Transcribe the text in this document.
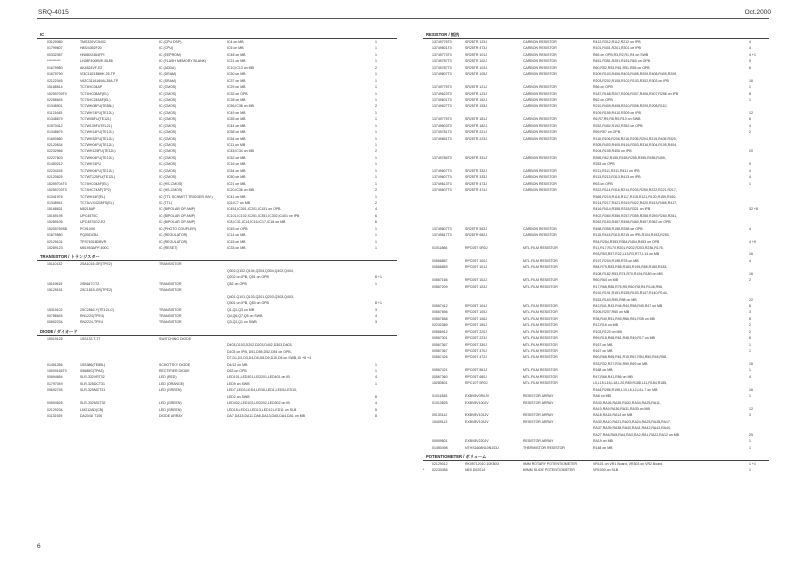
SRQ-4015	Oct.2000
IC
03129080	TMS320VC5402	IC (CPU DSP)	IC4 on MB	1
01799607	H8S/4392F20	IC (CPU)	IC5 on MB	1
00332357	HN58X2464FPI	IC (EEPROM)	IC48 on MB	1
**********	LH28F400BVE-BL85	IC (FLASH MEMORY BLANK)	IC21 on MB	1
01679980	AK4524VF-E2	IC (ADDA)	IC10,IC13 on MB	2
01679790	VI3C1621B8HK.25-TP	IC (DRAM)	IC30 on MB	1
02122045	V62C3116160AL35A-TP	IC (SRAM)	IC37 on MB	1
15168514	TC74HC04AP	IC (CMOS)	IC29 on MB	1
15259709T0	TC74HC08AF(EL)	IC (CMOS)	IC32 on OPB	1
02256645	TC74HC245AF(EL)	IC (CMOS)	IC28 on MB	1
01348901	TC7WH08FU(TE85L)	IC (CMOS)	IC56,IC38 on MB	2
01121645	TC7WH74FU(TE12L)	IC (CMOS)	IC49 on MB	1
01348679	TC7W08FU(TE12L)	IC (CMOS)	IC55 on MB	1
01570412	TC7W139FUTE12L)	IC (CMOS)	IC44 on MB	1
01348679	TC7WH14FU(TE12L)	IC (CMOS)	IC58 on MB	1
01690680	TC7WH32FU(TE12L)	IC (CMOS)	IC54 on MB	1
02120634	TC7WH04FU(TE12L)	IC (CMOS)	IC11 on MB	1
02232966	TC7WH125FU(TE12L)	IC (CMOS)	IC45,IC34 on MB	2
02227603	TC7WH04FU(TE12L)	IC (CMOS)	IC52 on MB	1
01450212	TC7WH74FU	IC (CMOS)	IC16 on MB	1
02234245	TC7WH04FU(TE12L)	IC (CMOS)	IC54 on MB	1
02120625	TC7WT125FU(TE12L)	IC (CMOS)	IC50 on MB	1
15259704T0	TC74HC04AF(EL)	IC (HS-CMOS)	IC21 on MB	1
15259703T0	TC74HC74AF(TP2)	IC (HS-CMOS)	IC20,IC36 on MB	2
01341976	TC7WH14F(EL)	IC (TTL SCHMITT TRIGGER INV.)	IC41 on MB	1
01348941	TC74LVX4245FS(EL)	IC (TTL)	IC6,IC7 on MB	2
15168631	M5218AP	IC (BIPOLAR OP AMP)	IC451,IC301,IC201,IC151 on OPB	4
15169195	UPC4570C	IC (BIPOLAR OP AMP)	IC101,IC102,IC251,IC351,IC302,IC401 on IPB	6
15289105	UPC4570G2-E2	IC (BIPOLAR OP AMP)	IC8,IC31,IC14,IC16,IC17,IC18 on MB	6
15209769S8	PC910XK	IC (PHOTO COUPLER)	IC53 on OPB	1
01679580	PQ05DZ5U	IC (REGULATOR)	IC14 on MB	1
02129101	TPS76318DBVR	IC (REGULATOR)	IC15 on MB	1
15289123	M51953AFP-600C	IC (RESET)	IC33 on MB	1
TRANSISTOR / トランジスター
15110132	2SA1015-GR(TPE2)	TRANSISTOR
Q302,Q102,Q104,Q204,Q304,Q402,Q404,
Q202 on IPB, Q51 on OPB	8 +1
15119615	2SB647CTZ	TRANSISTOR	Q52 on OPB	1
15129151	2SC1815-GR(TPE2)	TRANSISTOR
Q401,Q101,Q103,Q201,Q203,Q303,Q403,
Q301 on IPB, Q53 on OPB	8 +1
15319102	2SC2862-Y(TE12L,C)	TRANSISTOR	Q1,Q2,Q3 on MB	3
00786645	RN1224(TPE4)	TRANSISTOR	Q4,Q6,Q7,Q5 on SWB	4
00692234	RN2224-TPE4	TRANSISTOR	Q3,Q2,Q1 on SWB	3
DIODE / ダイオード
15019125	1SS133 T-77	SWITCHING DIODE
D403,D103,D202,D203,D402,D303,D403,
D103 on IPB, D51,D55,D52,D54 on OPB,
D7,D1,D2,D3,D4,D6,D8,D9,D10,D5 on SWB,10 +8 +4
01451256	1SS386(TE85L)	SCHOTTKY DIODE	D4/12 on MB	1
15009166T0	S5688G(TPA3)	RECTIFIER DIODE	D53 on OPB	1
00694654	SLR-332VRT32	LED (RED)	LED101,LED301,LED201,LED401 on IB	4
01797049	SLR-326DCT31	LED (ORANGE)	LED9 on SWB	1
00692745	SLR-325MCT31	LED (GREEN)	LED7,LED3,LED4,LED6,LED1,LED5,LED10,
LED2 on SWB	8
00694625	SLR-332MGT32	LED (GREEN)	LED402,LED102,LED202,LED302 on IB	4
02129234	LNG12AD(CB)	LED (GREEN)	LED18,LED11,LED13,LED12,LED11 on SLB	5
01131925	DA204U T106	DIODE ARRAY	DA7,DA15,DA11,DA6,DA13,DA5,DA4,DA1 on MB	8
RESISTOR / 抵抗
13749776T0	SR25TR 123J	CARBON RESISTOR	R412,R312,R112,R212 on IPB	4
13749601T0	SR25TR 473J	CARBON RESISTOR	R101,R401,R201,R301 on IPB	4
13749773T0	SR25TR 101J	CARBON RESISTOR	R65 on OPB,R3,R2,R1,R4 on SWB	4 +1
13749787T0	SR25TR 102J	CARBON RESISTOR	R451,R351,R251,R151,R60 on OPB	5
13749787T0	SR25TR 103J	CARBON RESISTOR	R60,R52,R53,R61,R51,R55 on OPB	6
13749807T0	SR25TR 105J	CARBON RESISTOR	R209,R103,R406,R403,R405,R209,R408,R409,R209,
R203,R202,R108,R102,R103,R302,R303 on IPB	16
13749775T0	SR25TR 121J	CARBON RESISTOR	R56 on OPB	1
13749623T0	SR25TR 123J	CARBON RESISTOR	R187,R168,R207,R206,R307,R406,R407,R256 on IPB	8
13749601T0	SR25TR 152J	CARBON RESISTOR	R62 on OPB	1
13749627T0	SR25TR 153J	CARBON RESISTOR	R210,R409,R408,R310,R308,R209,R208,R110,
R109,R159,R410,R309 on IPB	12
13749775T0	SR25TR 181J	CARBON RESISTOR	R6,R7,R9,R8,R5,R10 on SWB	6
13749603T0	SR25TR 182J	CARBON RESISTOR	R252,R452,R152,R352 on OPB	4
13749781T0	SR25TR 221J	CARBON RESISTOR	R59,R57 on OPB	2
13749651T0	SR25TR 223J	CARBON RESISTOR	R116,R106,R206,R216,R205,R204,R215,R405,R320,
R305,R403,R405,R416,R303,R316,R304,R105,R404,
R104,R105,R406 on IPB	20
13749786T0	SR25TR 331J	CARBON RESISTOR	R355,R62,R155,R158,R255,R355,R455,R455,
R253 on OPB	9
13749607T0	SR25TR 332J	CARBON RESISTOR	R211,R111,R311,R411 on IPB	4
13749607T0	SR25TR 333J	CARBON RESISTOR	R113,R213,R313,R413 on IPB	4
13749613T0	SR25TR 473J	CARBON RESISTOR	R63 on OPB	1
13749607T0	SR25TR 474J	CARBON RESISTOR	R322,R114,R316,R214,R203,R259,R222,R221,R217,
R365,R219,R116,R117,R118,R121,R120,R159,R160,
R214,R217,R421,R319,R422,R420,R413,R465,R417,
R416,R414,R358,R318,R321 on IPB	32 +8
R402,R360,R356,R257,R355,R258,R259,R260,R261,
R262,R163,R457,R458,R460,R457,R362 on OPB
13749807T0	SR25TR 563J	CARBON RESISTOR	R458,R358,R158,R258 on OPB	4
13749817T0	SR25TR 682J	CARBON RESISTOR	R115,R415,R315,R215 on IPB,R104,R153,R253,
R54,R254,R353,R354,R454,R453 on OPB	4 +9
01011866	RPC05T 0R0J	MTL.FILM RESISTOR	R11,R17,R170,R201,R202,R203,R236,R176,
R93,R53,R57,R22,L13,R3,R77,L14 on MB	16
00566857	RPC05T 100J	MTL.FILM RESISTOR	R197,R204,R198,R78 on MB	4
00566859	RPC05T 101J	MTL.FILM RESISTOR	R84,R79,R83,R58,R183,R195,R85,R180,R183,
R108,R182,R53,R74,R70,R194,R180 on MB	16
00567166	RPC05T 102J	MTL.FILM RESISTOR	R60,R64 on MB	2
00567209	RPC05T 103J	MTL.FILM RESISTOR	R17,R68,R86,R75,R5,R60,R8,R4,R146,R96,
R192,R191,R151,R155,R153,R147,R140,R144,
R153,R163,R95,R98 on MB	22
00567412	RPC05T 104J	MTL.FILM RESISTOR	R42,R41,R43,R46,R44,R58,R45,R47 on MB	8
00567656	RPC05T 105J	MTL.FILM RESISTOR	R206,R207,R60 on MB	3
00567658	RPC05T 106J	MTL.FILM RESISTOR	R36,R40,R51,R93,R66,R61,R35 on MB	8
02232389	RPC05T 150J	MTL.FILM RESISTOR	R12,R16 on MB	2
00566912	RPC05T 220J	MTL.FILM RESISTOR	R103,R120 on MB	2
00567301	RPC05T 223J	MTL.FILM RESISTOR	R59,R18,R68,R61,R48,R49,R17 on MB	8
00567367	RPC05T 330J	MTL.FILM RESISTOR	R167 on MB	1
00567367	RPC05T 470J	MTL.FILM RESISTOR	R167 on MB	1
00567426	RPC05T 472J	MTL.FILM RESISTOR	R60,R68,R65,R61,R15,R67,R54,R50,R48,R58,
R33,R32,R27,R34,R59,R69 on MB	16
00567421	RPC05T 561J	MTL.FILM RESISTOR	R168 on MB	1
00567360	RPC05T 680J	MTL.FILM RESISTOR	R47,R66,R41,R56 on MB	4
15280601	RPC10T 0R0J	MTL.FILM RESISTOR	L5,L15,L16,L18,L20,R89,R188,L11,R184,R185,
R164,R286,R196,L19,L6,L2,L6,L7 on MB	16
01011845	EXBV8V0R0JV	RESISTOR ARRAY	RA8 on MB	1
01010825	EXBV8V100JV	RESISTOR ARRAY	RA33,RA26,RA35,RA32,RA34,RA25,RA11,
RA10,RA9,RA36,RA31,RA30 on MB	12
00130112	EXBV8V101JV	RESISTOR ARRAY	RA18,RA16,RA14 on MB	3
15409113	EXBV8V103JV	RESISTOR ARRAY	RA30,RA10,RA21,RA23,RA24,RA25,RA28,RA17,
RA37,RA39,RA38,RA40,RA41,RA42,RA43,RA44,
RA27,RA6,RA5,RA4,RA3,RA2,RA1,RA22,RA12 on MB	25
00909801	EXBV8V220JV	RESISTOR ARRAY	RA19 on MB	1
01450498	NTHS1608N10N103J	THERMISTOR RESISTOR	R148 on MB	1
POTENTIOMETER / ボリューム
02129012	RK09712010 10KBX2	9MM ROTARY POTENTIOMETER	VR101 on VR1 Board, VR303 on VR2 Board	1 +1
*	02233456	NE0 D02014	60MM SLIDE POTENTIOMETER	VR1000 on SLB	1
6
